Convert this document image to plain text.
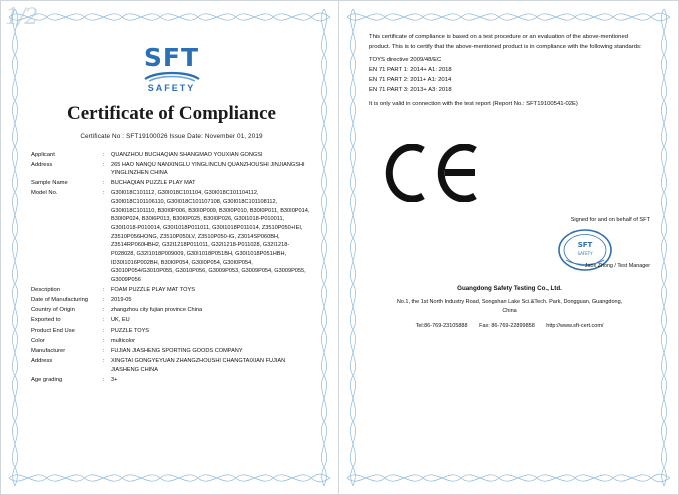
1/2
SFT
SAFETY
Certificate of Compliance
Certificate No : SFT19100026 Issue Date: November 01, 2019
Applicant	:	QUANZHOU BUCHAQIAN SHANGMAO YOUXIAN GONGSI
Address	:	265 HAO NANQU NANXINGLU YINGLINCUN QUANZHOUSHI JINJIANGSHI YINGLINZHEN CHINA
Sample Name	:	BUCHAQIAN PUZZLE PLAY MAT
Model No.	:	G30I018C101112, G30I018C101104, G30I018C101104112, G30I018C101106110, G30I018C101107108, G30I018C101108112, G30I018C101110, B30I0P006, B30I0P009, B30I0P010, B30I0P011, B30I0P014, B30I0P024, B30I6P013, B30I0P025, B30I0P026, G30I1018-P010011, G30I1018-P010014, G30I1018P011011, G30I1018P011014, Z3510P050+IEI, Z3510P056HONG, Z3510P050LV, Z3510P050-IG, Z3014SP060BH, Z3514RP060HBH2, G32I1218P011011, G32I1218-P011028, G32I1218-P028028, G32I1018P009009, G30I1018P051BH, G30I1018P051HBH, ID30I1016P002BH, B30I0P054, G30I0P054, G30I0P054, G3010P054/G3010P055, G3010P056, G3009P053, G3009P054, G3009P055, G3009P056
Description	:	FOAM PUZZLE PLAY MAT TOYS
Date of Manufacturing	:	2019-05
Country of Origin	:	zhangzhou city fujian province China
Exported to	:	UK, EU
Product End Use	:	PUZZLE TOYS
Color	:	multicolor
Manufacturer	:	FUJIAN JIASHENG SPORTING GOODS COMPANY
Address	:	XINGTAI GONGYEYUAN ZHANGZHOUSHI CHANGTAIXIAN FUJIAN JIASHENG CHINA
Age grading	:	3+

This certificate of compliance is based on a test procedure or an evaluation of the above-mentioned product. This is to certify that the above-mentioned product is in compliance with the following standards:

TOYS directive 2009/48/EC
EN 71 PART 1: 2014+ A1: 2018
EN 71 PART 2: 2011+ A1: 2014
EN 71 PART 3: 2013+ A3: 2018
It is only valid in connection with the test report (Report No.: SFT19100541-02E)
Signed for and on behalf of SFT
SFT
SAFETY
Jaox Zhong / Test Manager
Guangdong Safety Testing Co., Ltd.
No.1, the 1st North Industry Road, Songshan Lake Sci.&Tech. Park, Dongguan, Guangdong,
China
Tel:86-769-23105888 Fax: 86-769-22899858 http://www.sft-cert.com/
